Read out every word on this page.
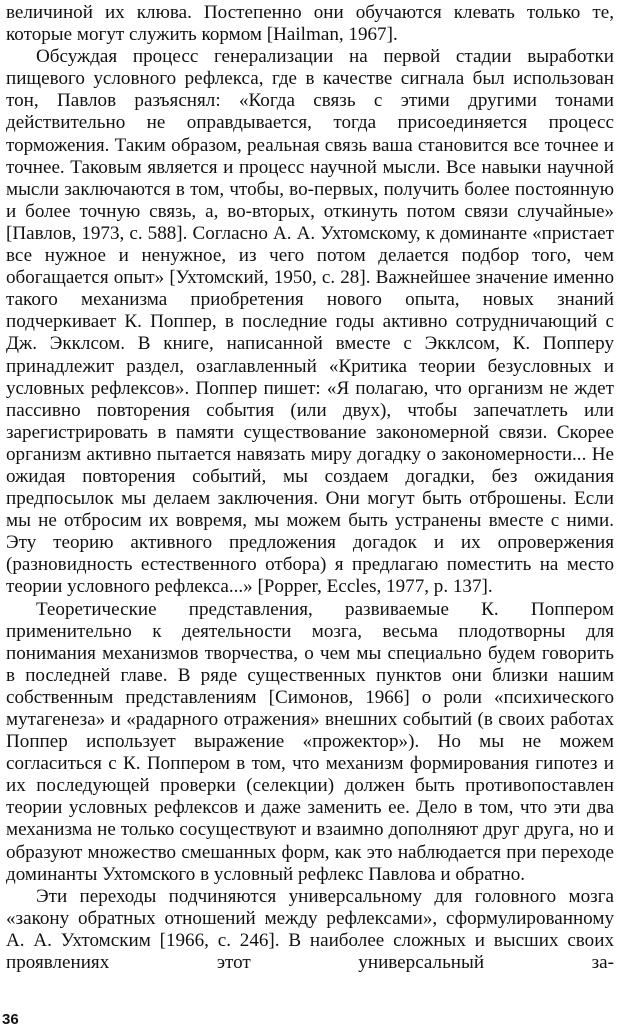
величиной их клюва. Постепенно они обучаются клевать только те, которые могут служить кормом [Hailman, 1967].

Обсуждая процесс генерализации на первой стадии выработки пищевого условного рефлекса, где в качестве сигнала был использован тон, Павлов разъяснял: «Когда связь с этими другими тонами действительно не оправдывается, тогда присоединяется процесс торможения. Таким образом, реальная связь ваша становится все точнее и точнее. Таковым является и процесс научной мысли. Все навыки научной мысли заключаются в том, чтобы, во-первых, получить более постоянную и более точную связь, а, во-вторых, откинуть потом связи случайные» [Павлов, 1973, с. 588]. Согласно А. А. Ухтомскому, к доминанте «пристает все нужное и ненужное, из чего потом делается подбор того, чем обогащается опыт» [Ухтомский, 1950, с. 28]. Важнейшее значение именно такого механизма приобретения нового опыта, новых знаний подчеркивает К. Поппер, в последние годы активно сотрудничающий с Дж. Экклсом. В книге, написанной вместе с Экклсом, К. Попперу принадлежит раздел, озаглавленный «Критика теории безусловных и условных рефлексов». Поппер пишет: «Я полагаю, что организм не ждет пассивно повторения события (или двух), чтобы запечатлеть или зарегистрировать в памяти существование закономерной связи. Скорее организм активно пытается навязать миру догадку о закономерности... Не ожидая повторения событий, мы создаем догадки, без ожидания предпосылок мы делаем заключения. Они могут быть отброшены. Если мы не отбросим их вовремя, мы можем быть устранены вместе с ними. Эту теорию активного предложения догадок и их опровержения (разновидность естественного отбора) я предлагаю поместить на место теории условного рефлекса...» [Popper, Eccles, 1977, p. 137].

Теоретические представления, развиваемые К. Поппером применительно к деятельности мозга, весьма плодотворны для понимания механизмов творчества, о чем мы специально будем говорить в последней главе. В ряде существенных пунктов они близки нашим собственным представлениям [Симонов, 1966] о роли «психического мутагенеза» и «радарного отражения» внешних событий (в своих работах Поппер использует выражение «прожектор»). Но мы не можем согласиться с К. Поппером в том, что механизм формирования гипотез и их последующей проверки (селекции) должен быть противопоставлен теории условных рефлексов и даже заменить ее. Дело в том, что эти два механизма не только сосуществуют и взаимно дополняют друг друга, но и образуют множество смешанных форм, как это наблюдается при переходе доминанты Ухтомского в условный рефлекс Павлова и обратно.

Эти переходы подчиняются универсальному для головного мозга «закону обратных отношений между рефлексами», сформулированному А. А. Ухтомским [1966, с. 246]. В наиболее сложных и высших своих проявлениях этот универсальный за-

36
